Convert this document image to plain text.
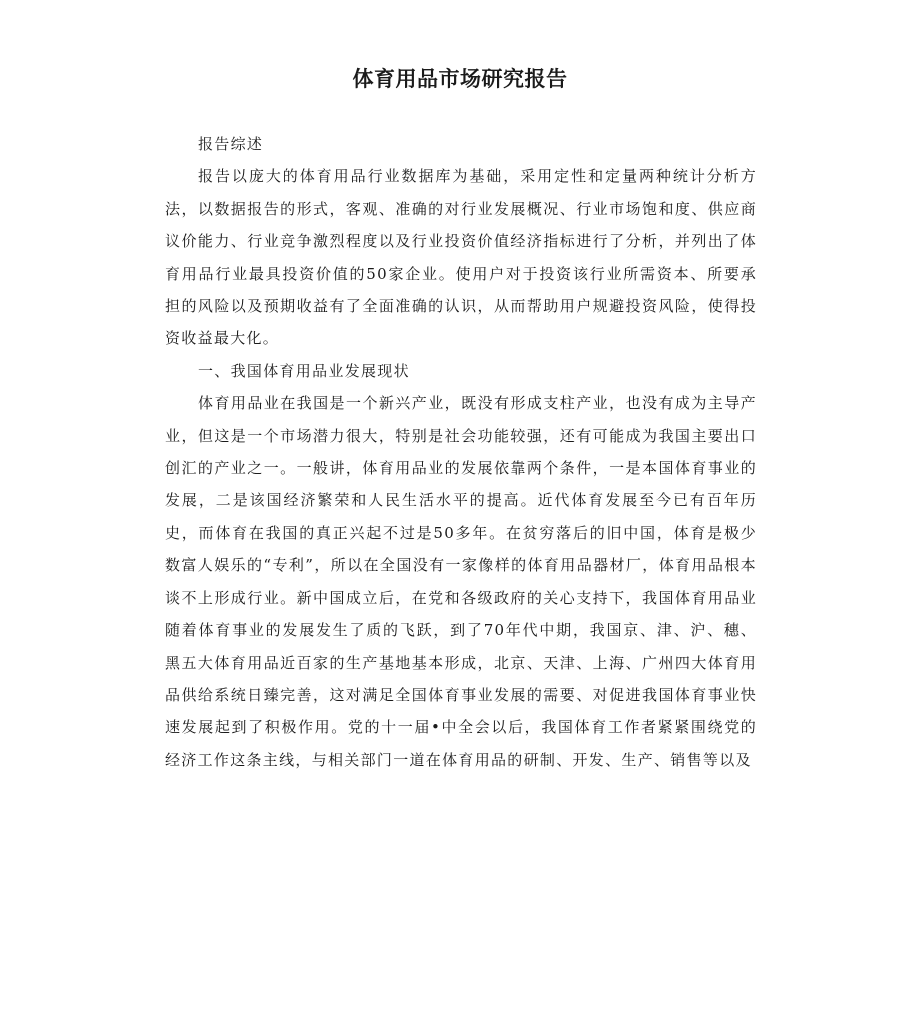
体育用品市场研究报告

报告综述

报告以庞大的体育用品行业数据库为基础，采用定性和定量两种统计分析方法，以数据报告的形式，客观、准确的对行业发展概况、行业市场饱和度、供应商议价能力、行业竞争激烈程度以及行业投资价值经济指标进行了分析，并列出了体育用品行业最具投资价值的50家企业。使用户对于投资该行业所需资本、所要承担的风险以及预期收益有了全面准确的认识，从而帮助用户规避投资风险，使得投资收益最大化。

一、我国体育用品业发展现状

体育用品业在我国是一个新兴产业，既没有形成支柱产业，也没有成为主导产业，但这是一个市场潜力很大，特别是社会功能较强，还有可能成为我国主要出口创汇的产业之一。一般讲，体育用品业的发展依靠两个条件，一是本国体育事业的发展，二是该国经济繁荣和人民生活水平的提高。近代体育发展至今已有百年历史，而体育在我国的真正兴起不过是50多年。在贫穷落后的旧中国，体育是极少数富人娱乐的“专利”，所以在全国没有一家像样的体育用品器材厂，体育用品根本谈不上形成行业。新中国成立后，在党和各级政府的关心支持下，我国体育用品业随着体育事业的发展发生了质的飞跃，到了70年代中期，我国京、津、沪、穗、黑五大体育用品近百家的生产基地基本形成，北京、天津、上海、广州四大体育用品供给系统日臻完善，这对满足全国体育事业发展的需要、对促进我国体育事业快速发展起到了积极作用。党的十一届•中全会以后，我国体育工作者紧紧围绕党的经济工作这条主线，与相关部门一道在体育用品的研制、开发、生产、销售等以及
